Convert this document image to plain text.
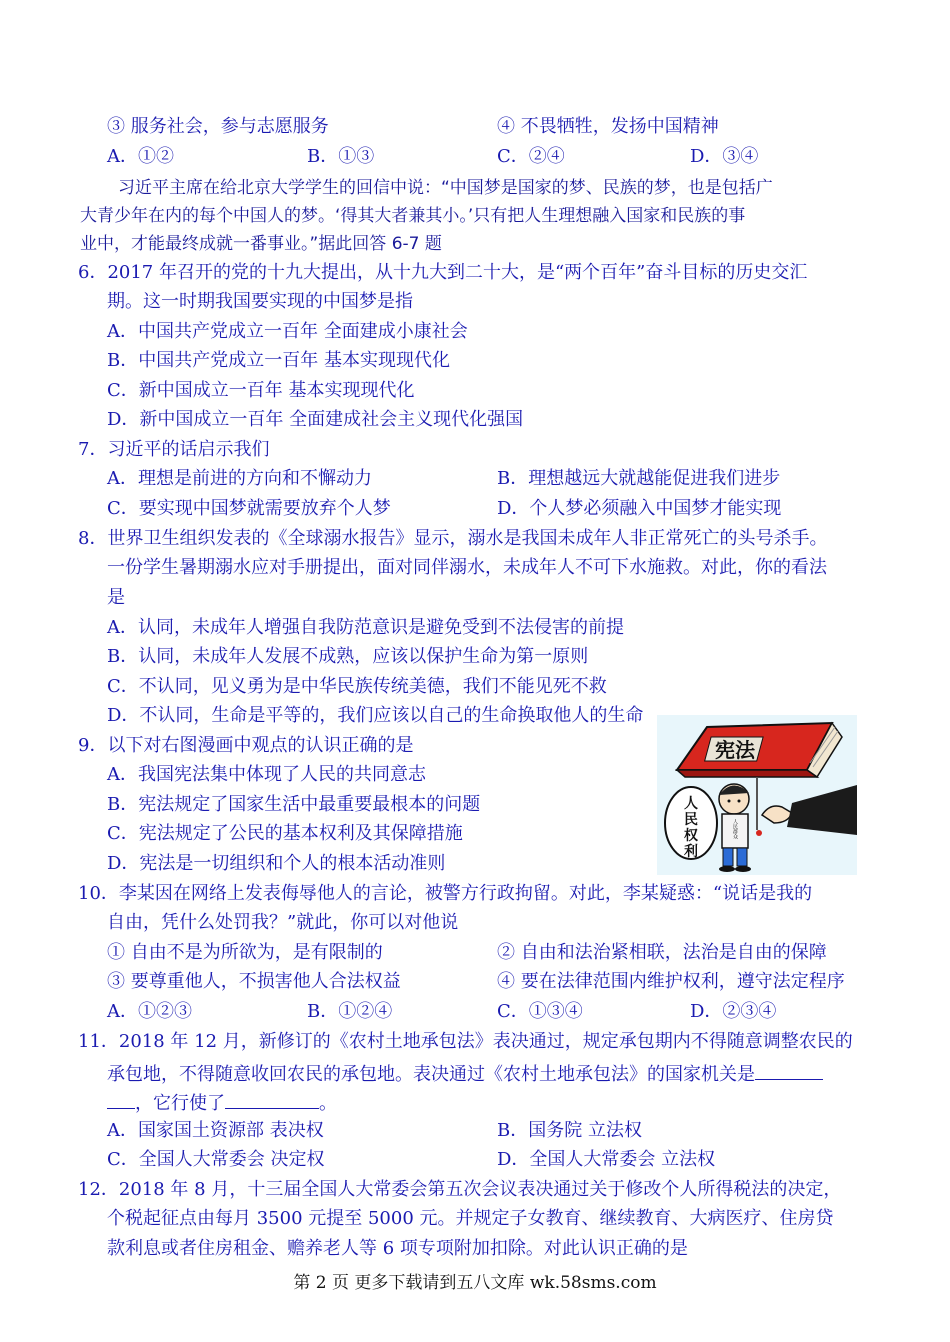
③ 服务社会，参与志愿服务	④ 不畏牺牲，发扬中国精神
A．①②	B．①③	C．②④	D．③④
习近平主席在给北京大学学生的回信中说：“中国梦是国家的梦、民族的梦，也是包括广
大青少年在内的每个中国人的梦。‘得其大者兼其小。’只有把人生理想融入国家和民族的事
业中，才能最终成就一番事业。”据此回答 6-7 题
6．2017 年召开的党的十九大提出，从十九大到二十大，是“两个百年”奋斗目标的历史交汇
期。这一时期我国要实现的中国梦是指
A．中国共产党成立一百年 全面建成小康社会
B．中国共产党成立一百年 基本实现现代化
C．新中国成立一百年 基本实现现代化
D．新中国成立一百年 全面建成社会主义现代化强国
7．习近平的话启示我们
A．理想是前进的方向和不懈动力	B．理想越远大就越能促进我们进步
C．要实现中国梦就需要放弃个人梦	D．个人梦必须融入中国梦才能实现
8．世界卫生组织发表的《全球溺水报告》显示，溺水是我国未成年人非正常死亡的头号杀手。
一份学生暑期溺水应对手册提出，面对同伴溺水，未成年人不可下水施救。对此，你的看法
是
A．认同，未成年人增强自我防范意识是避免受到不法侵害的前提
B．认同，未成年人发展不成熟，应该以保护生命为第一原则
C．不认同，见义勇为是中华民族传统美德，我们不能见死不救
D．不认同，生命是平等的，我们应该以自己的生命换取他人的生命
9．以下对右图漫画中观点的认识正确的是
A．我国宪法集中体现了人民的共同意志
B．宪法规定了国家生活中最重要最根本的问题
C．宪法规定了公民的基本权利及其保障措施
D．宪法是一切组织和个人的根本活动准则
宪法
人
民
权
利
人民群众
10．李某因在网络上发表侮辱他人的言论，被警方行政拘留。对此，李某疑惑：“说话是我的
自由，凭什么处罚我？”就此，你可以对他说
① 自由不是为所欲为，是有限制的	② 自由和法治紧相联，法治是自由的保障
③ 要尊重他人，不损害他人合法权益	④ 要在法律范围内维护权利，遵守法定程序
A．①②③	B．①②④	C．①③④	D．②③④
11．2018 年 12 月，新修订的《农村土地承包法》表决通过，规定承包期内不得随意调整农民的
承包地，不得随意收回农民的承包地。表决通过《农村土地承包法》的国家机关是
，它行使了	。
A．国家国土资源部 表决权	B．国务院 立法权
C．全国人大常委会 决定权	D．全国人大常委会 立法权
12．2018 年 8 月，十三届全国人大常委会第五次会议表决通过关于修改个人所得税法的决定，
个税起征点由每月 3500 元提至 5000 元。并规定子女教育、继续教育、大病医疗、住房贷
款利息或者住房租金、赡养老人等 6 项专项附加扣除。对此认识正确的是
第 2 页 更多下载请到五八文库 wk.58sms.com
